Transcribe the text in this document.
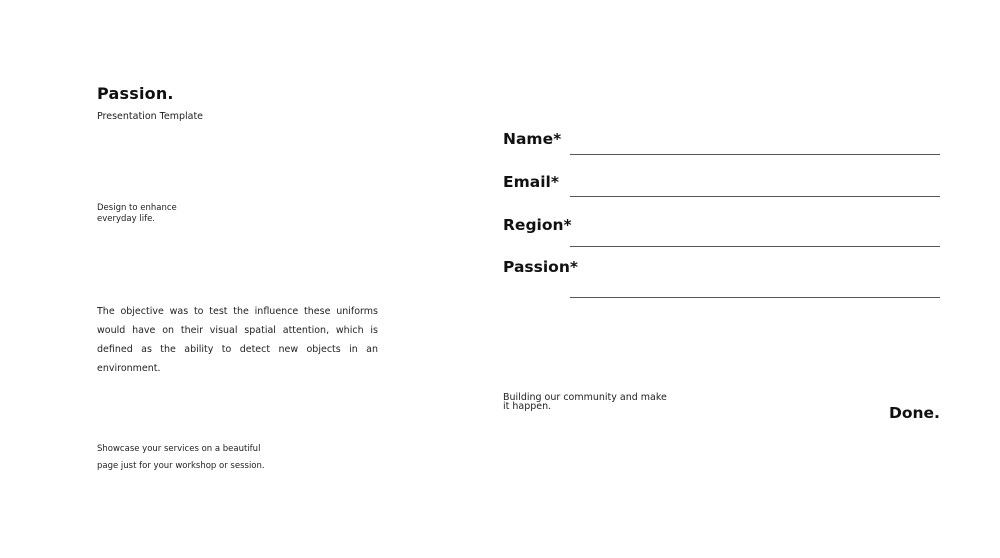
Passion.
Presentation Template
Design to enhance
everyday life.
The objective was to test the influence these uniforms would have on their visual spatial attention, which is defined as the ability to detect new objects in an environment.
Showcase your services on a beautiful
page just for your workshop or session.
Name*
Email*
Region*
Passion*
Building our community and make
it happen.	Done.
